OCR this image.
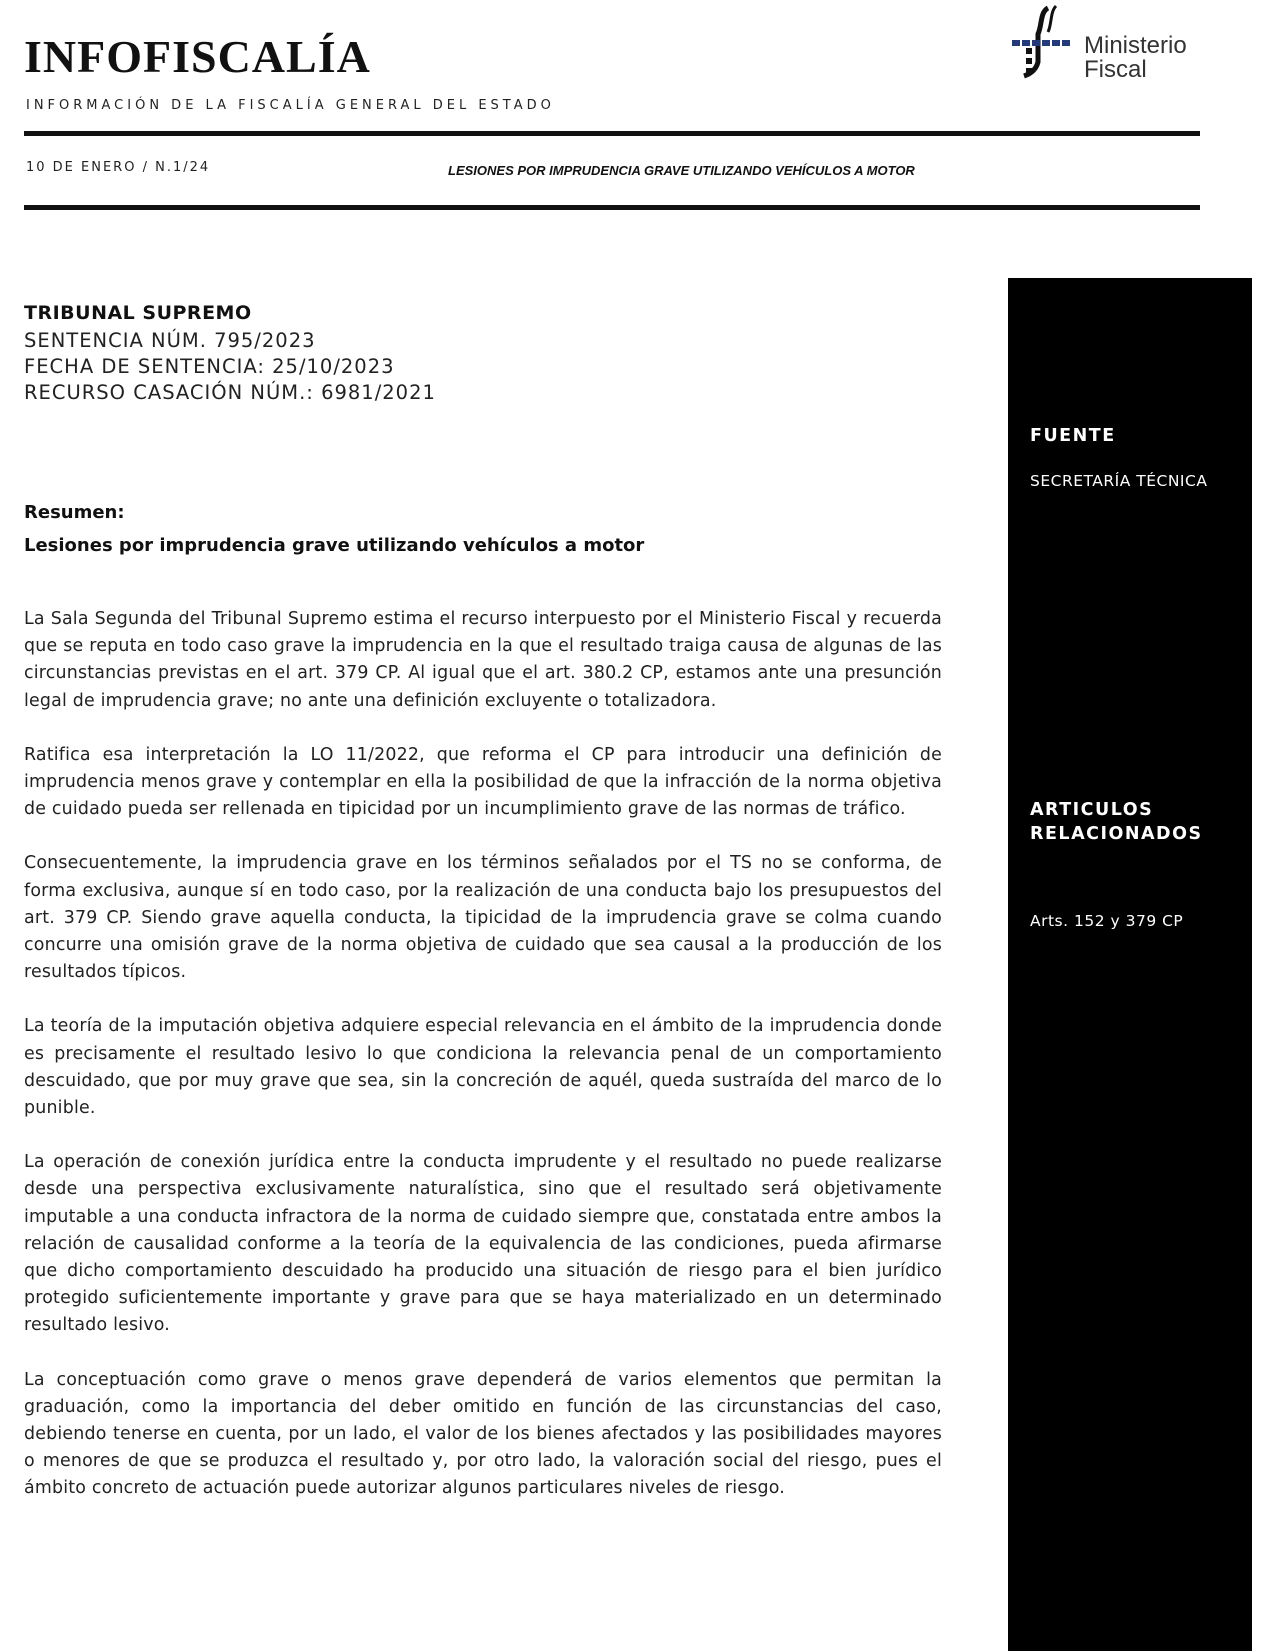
INFOFISCALÍA
INFORMACIÓN DE LA FISCALÍA GENERAL DEL ESTADO
Ministerio
Fiscal
10 DE ENERO / N.1/24	LESIONES POR IMPRUDENCIA GRAVE UTILIZANDO VEHÍCULOS A MOTOR
TRIBUNAL SUPREMO
SENTENCIA NÚM. 795/2023
FECHA DE SENTENCIA: 25/10/2023
RECURSO CASACIÓN NÚM.: 6981/2021
Resumen:
Lesiones por imprudencia grave utilizando vehículos a motor

La Sala Segunda del Tribunal Supremo estima el recurso interpuesto por el Ministerio Fiscal y recuerda que se reputa en todo caso grave la imprudencia en la que el resultado traiga causa de algunas de las circunstancias previstas en el art. 379 CP. Al igual que el art. 380.2 CP, estamos ante una presunción legal de imprudencia grave; no ante una definición excluyente o totalizadora.

Ratifica esa interpretación la LO 11/2022, que reforma el CP para introducir una definición de imprudencia menos grave y contemplar en ella la posibilidad de que la infracción de la norma objetiva de cuidado pueda ser rellenada en tipicidad por un incumplimiento grave de las normas de tráfico.

Consecuentemente, la imprudencia grave en los términos señalados por el TS no se conforma, de forma exclusiva, aunque sí en todo caso, por la realización de una conducta bajo los presupuestos del art. 379 CP. Siendo grave aquella conducta, la tipicidad de la imprudencia grave se colma cuando concurre una omisión grave de la norma objetiva de cuidado que sea causal a la producción de los resultados típicos.

La teoría de la imputación objetiva adquiere especial relevancia en el ámbito de la imprudencia donde es precisamente el resultado lesivo lo que condiciona la relevancia penal de un comportamiento descuidado, que por muy grave que sea, sin la concreción de aquél, queda sustraída del marco de lo punible.

La operación de conexión jurídica entre la conducta imprudente y el resultado no puede realizarse desde una perspectiva exclusivamente naturalística, sino que el resultado será objetivamente imputable a una conducta infractora de la norma de cuidado siempre que, constatada entre ambos la relación de causalidad conforme a la teoría de la equivalencia de las condiciones, pueda afirmarse que dicho comportamiento descuidado ha producido una situación de riesgo para el bien jurídico protegido suficientemente importante y grave para que se haya materializado en un determinado resultado lesivo.

La conceptuación como grave o menos grave dependerá de varios elementos que permitan la graduación, como la importancia del deber omitido en función de las circunstancias del caso, debiendo tenerse en cuenta, por un lado, el valor de los bienes afectados y las posibilidades mayores o menores de que se produzca el resultado y, por otro lado, la valoración social del riesgo, pues el ámbito concreto de actuación puede autorizar algunos particulares niveles de riesgo.

FUENTE
SECRETARÍA TÉCNICA
ARTICULOS
RELACIONADOS
Arts. 152 y 379 CP
